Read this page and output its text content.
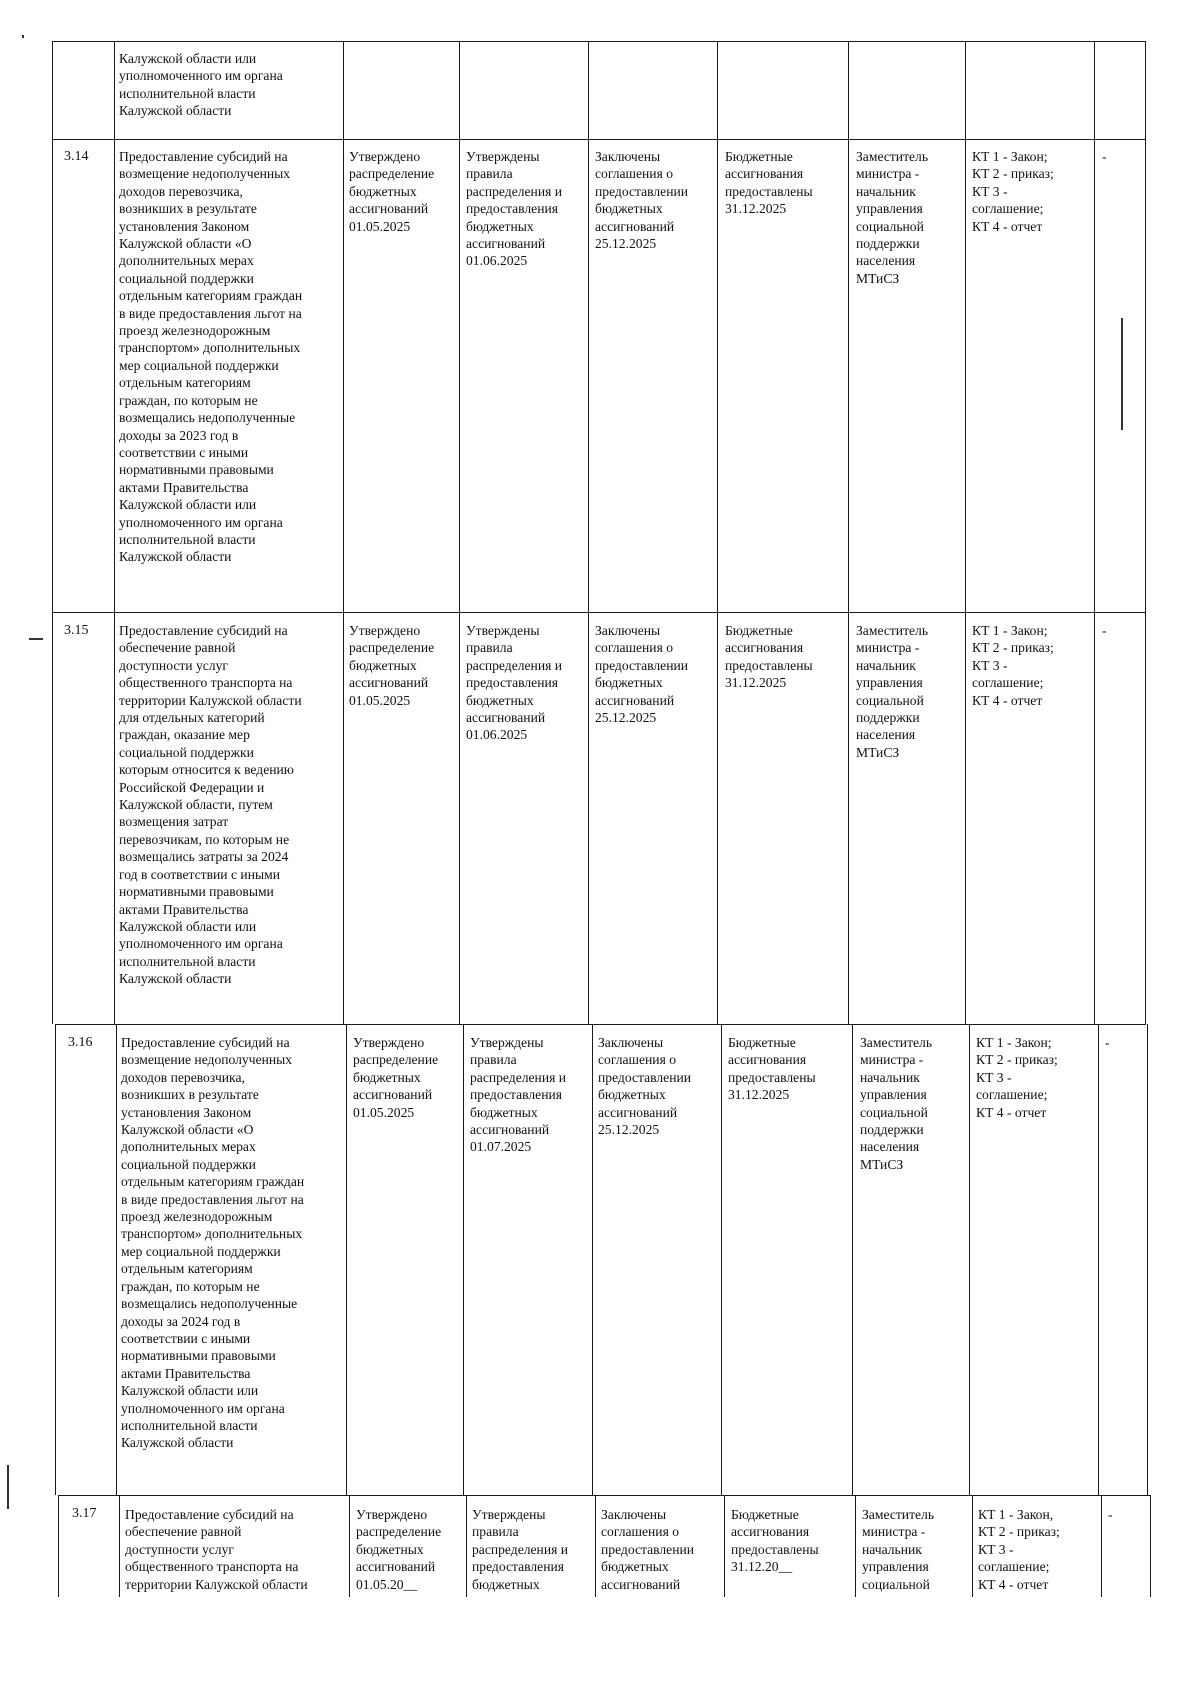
Калужской области или
уполномоченного им органа
исполнительной власти
Калужской области
3.14 Предоставление субсидий на
возмещение недополученных
доходов перевозчика,
возникших в результате
установления Законом
Калужской области «О
дополнительных мерах
социальной поддержки
отдельным категориям граждан
в виде предоставления льгот на
проезд железнодорожным
транспортом» дополнительных
мер социальной поддержки
отдельным категориям
граждан, по которым не
возмещались недополученные
доходы за 2023 год в
соответствии с иными
нормативными правовыми
актами Правительства
Калужской области или
уполномоченного им органа
исполнительной власти
Калужской области
Утверждено
распределение
бюджетных
ассигнований
01.05.2025
Утверждены
правила
распределения и
предоставления
бюджетных
ассигнований
01.06.2025
Заключены
соглашения о
предоставлении
бюджетных
ассигнований
25.12.2025
Бюджетные
ассигнования
предоставлены
31.12.2025
Заместитель
министра -
начальник
управления
социальной
поддержки
населения
МТиСЗ
КТ 1 - Закон;
КТ 2 - приказ;
КТ 3 -
соглашение;
КТ 4 - отчет
-
3.15 Предоставление субсидий на
обеспечение равной
доступности услуг
общественного транспорта на
территории Калужской области
для отдельных категорий
граждан, оказание мер
социальной поддержки
которым относится к ведению
Российской Федерации и
Калужской области, путем
возмещения затрат
перевозчикам, по которым не
возмещались затраты за 2024
год в соответствии с иными
нормативными правовыми
актами Правительства
Калужской области или
уполномоченного им органа
исполнительной власти
Калужской области
Утверждено
распределение
бюджетных
ассигнований
01.05.2025
Утверждены
правила
распределения и
предоставления
бюджетных
ассигнований
01.06.2025
Заключены
соглашения о
предоставлении
бюджетных
ассигнований
25.12.2025
Бюджетные
ассигнования
предоставлены
31.12.2025
Заместитель
министра -
начальник
управления
социальной
поддержки
населения
МТиСЗ
КТ 1 - Закон;
КТ 2 - приказ;
КТ 3 -
соглашение;
КТ 4 - отчет
-
3.16 Предоставление субсидий на
возмещение недополученных
доходов перевозчика,
возникших в результате
установления Законом
Калужской области «О
дополнительных мерах
социальной поддержки
отдельным категориям граждан
в виде предоставления льгот на
проезд железнодорожным
транспортом» дополнительных
мер социальной поддержки
отдельным категориям
граждан, по которым не
возмещались недополученные
доходы за 2024 год в
соответствии с иными
нормативными правовыми
актами Правительства
Калужской области или
уполномоченного им органа
исполнительной власти
Калужской области
Утверждено
распределение
бюджетных
ассигнований
01.05.2025
Утверждены
правила
распределения и
предоставления
бюджетных
ассигнований
01.07.2025
Заключены
соглашения о
предоставлении
бюджетных
ассигнований
25.12.2025
Бюджетные
ассигнования
предоставлены
31.12.2025
Заместитель
министра -
начальник
управления
социальной
поддержки
населения
МТиСЗ
КТ 1 - Закон;
КТ 2 - приказ;
КТ 3 -
соглашение;
КТ 4 - отчет
-
3.17 Предоставление субсидий на
обеспечение равной
доступности услуг
общественного транспорта на
территории Калужской области
Утверждено
распределение
бюджетных
ассигнований
01.05.20__
Утверждены
правила
распределения и
предоставления
бюджетных
Заключены
соглашения о
предоставлении
бюджетных
ассигнований
Бюджетные
ассигнования
предоставлены
31.12.20__
Заместитель
министра -
начальник
управления
социальной
КТ 1 - Закон,
КТ 2 - приказ;
КТ 3 -
соглашение;
КТ 4 - отчет
-
